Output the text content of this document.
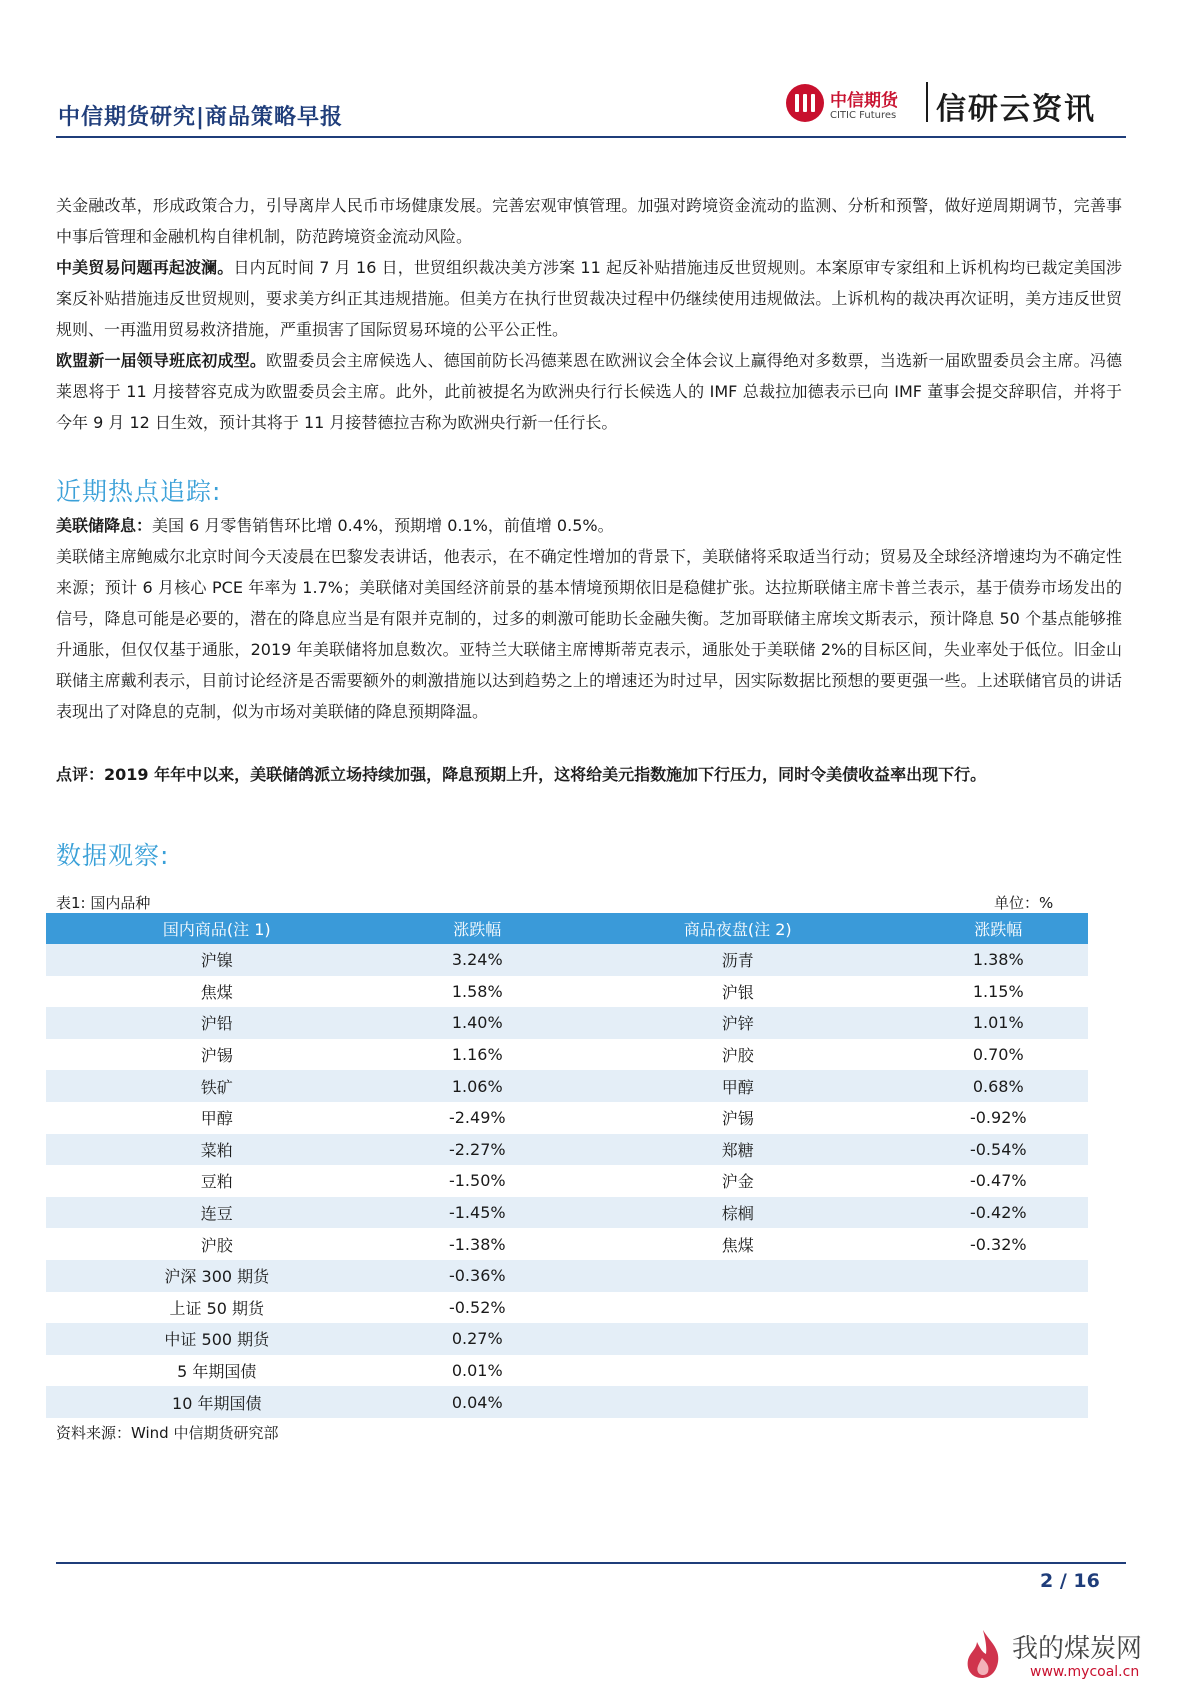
中信期货研究|商品策略早报
中信期货
CITIC Futures 信研云资讯
关金融改革，形成政策合力，引导离岸人民币市场健康发展。完善宏观审慎管理。加强对跨境资金流动的监测、分析和预警，做好逆周期调节，完善事中事后管理和金融机构自律机制，防范跨境资金流动风险。
中美贸易问题再起波澜。日内瓦时间 7 月 16 日，世贸组织裁决美方涉案 11 起反补贴措施违反世贸规则。本案原审专家组和上诉机构均已裁定美国涉案反补贴措施违反世贸规则，要求美方纠正其违规措施。但美方在执行世贸裁决过程中仍继续使用违规做法。上诉机构的裁决再次证明，美方违反世贸规则、一再滥用贸易救济措施，严重损害了国际贸易环境的公平公正性。
欧盟新一届领导班底初成型。欧盟委员会主席候选人、德国前防长冯德莱恩在欧洲议会全体会议上赢得绝对多数票，当选新一届欧盟委员会主席。冯德莱恩将于 11 月接替容克成为欧盟委员会主席。此外，此前被提名为欧洲央行行长候选人的 IMF 总裁拉加德表示已向 IMF 董事会提交辞职信，并将于今年 9 月 12 日生效，预计其将于 11 月接替德拉吉称为欧洲央行新一任行长。
近期热点追踪:
美联储降息：美国 6 月零售销售环比增 0.4%，预期增 0.1%，前值增 0.5%。
美联储主席鲍威尔北京时间今天凌晨在巴黎发表讲话，他表示，在不确定性增加的背景下，美联储将采取适当行动；贸易及全球经济增速均为不确定性来源；预计 6 月核心 PCE 年率为 1.7%；美联储对美国经济前景的基本情境预期依旧是稳健扩张。达拉斯联储主席卡普兰表示，基于债券市场发出的信号，降息可能是必要的，潜在的降息应当是有限并克制的，过多的刺激可能助长金融失衡。芝加哥联储主席埃文斯表示，预计降息 50 个基点能够推升通胀，但仅仅基于通胀，2019 年美联储将加息数次。亚特兰大联储主席博斯蒂克表示，通胀处于美联储 2%的目标区间，失业率处于低位。旧金山联储主席戴利表示，目前讨论经济是否需要额外的刺激措施以达到趋势之上的增速还为时过早，因实际数据比预想的要更强一些。上述联储官员的讲话表现出了对降息的克制，似为市场对美联储的降息预期降温。
点评：2019 年年中以来，美联储鸽派立场持续加强，降息预期上升，这将给美元指数施加下行压力，同时令美债收益率出现下行。
数据观察:
表1: 国内品种	单位：%
国内商品(注 1)	涨跌幅	商品夜盘(注 2)	涨跌幅
沪镍	3.24%	沥青	1.38%
焦煤	1.58%	沪银	1.15%
沪铅	1.40%	沪锌	1.01%
沪锡	1.16%	沪胶	0.70%
铁矿	1.06%	甲醇	0.68%
甲醇	-2.49%	沪锡	-0.92%
菜粕	-2.27%	郑糖	-0.54%
豆粕	-1.50%	沪金	-0.47%
连豆	-1.45%	棕榈	-0.42%
沪胶	-1.38%	焦煤	-0.32%
沪深 300 期货	-0.36%		
上证 50 期货	-0.52%		
中证 500 期货	0.27%		
5 年期国债	0.01%		
10 年期国债	0.04%		
资料来源：Wind 中信期货研究部
2 / 16
我的煤炭网
www.mycoal.cn
